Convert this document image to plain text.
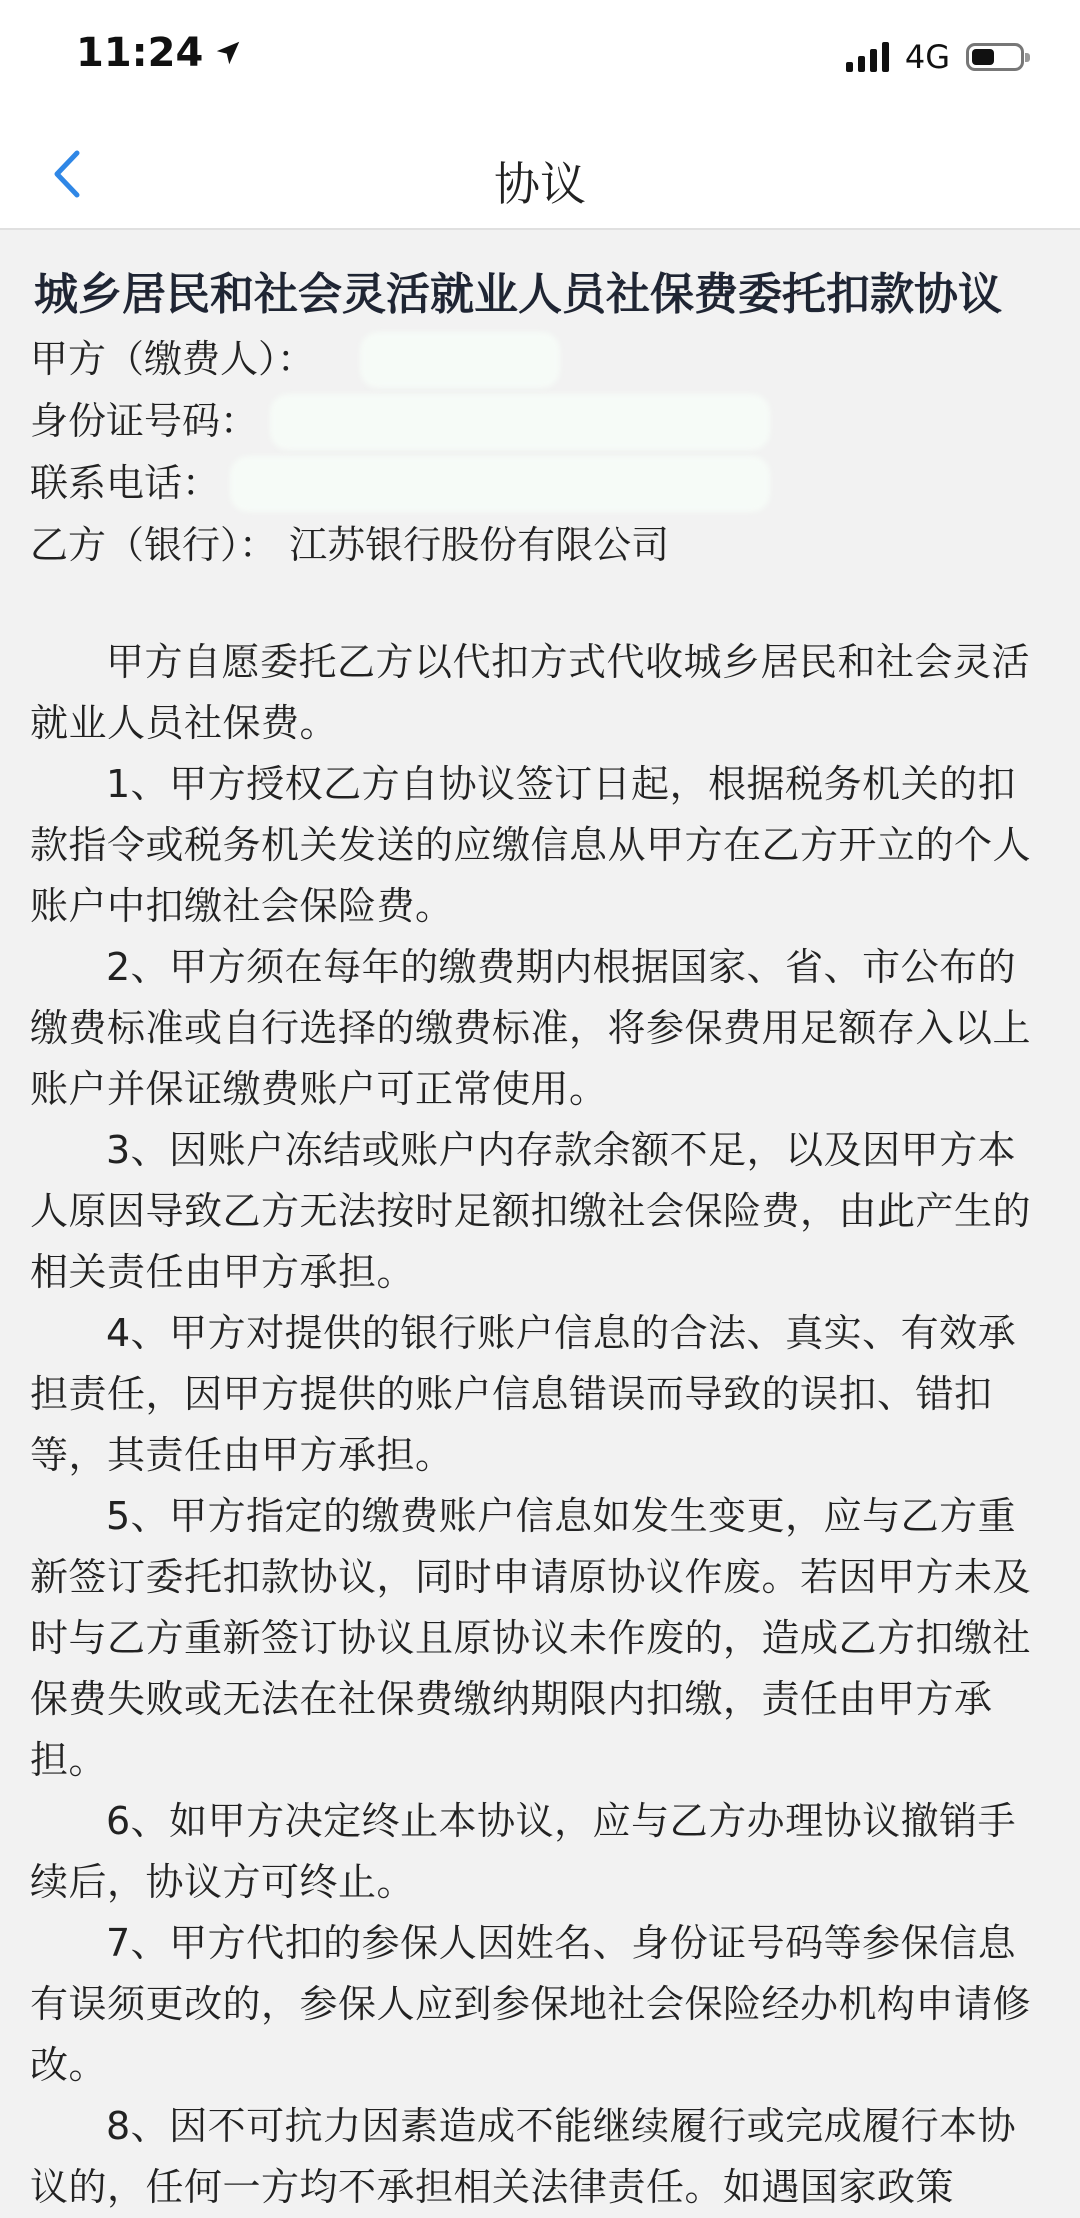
11:24	4G
协议
城乡居民和社会灵活就业人员社保费委托扣款协议
甲方（缴费人）：
身份证号码：
联系电话：
乙方（银行）： 江苏银行股份有限公司

甲方自愿委托乙方以代扣方式代收城乡居民和社会灵活就业人员社保费。

1、甲方授权乙方自协议签订日起，根据税务机关的扣款指令或税务机关发送的应缴信息从甲方在乙方开立的个人账户中扣缴社会保险费。

2、甲方须在每年的缴费期内根据国家、省、市公布的缴费标准或自行选择的缴费标准，将参保费用足额存入以上账户并保证缴费账户可正常使用。

3、因账户冻结或账户内存款余额不足，以及因甲方本人原因导致乙方无法按时足额扣缴社会保险费，由此产生的相关责任由甲方承担。

4、甲方对提供的银行账户信息的合法、真实、有效承担责任，因甲方提供的账户信息错误而导致的误扣、错扣等，其责任由甲方承担。

5、甲方指定的缴费账户信息如发生变更，应与乙方重新签订委托扣款协议，同时申请原协议作废。若因甲方未及时与乙方重新签订协议且原协议未作废的，造成乙方扣缴社保费失败或无法在社保费缴纳期限内扣缴，责任由甲方承担。

6、如甲方决定终止本协议，应与乙方办理协议撤销手续后，协议方可终止。

7、甲方代扣的参保人因姓名、身份证号码等参保信息有误须更改的，参保人应到参保地社会保险经办机构申请修改。

8、因不可抗力因素造成不能继续履行或完成履行本协议的，任何一方均不承担相关法律责任。如遇国家政策
